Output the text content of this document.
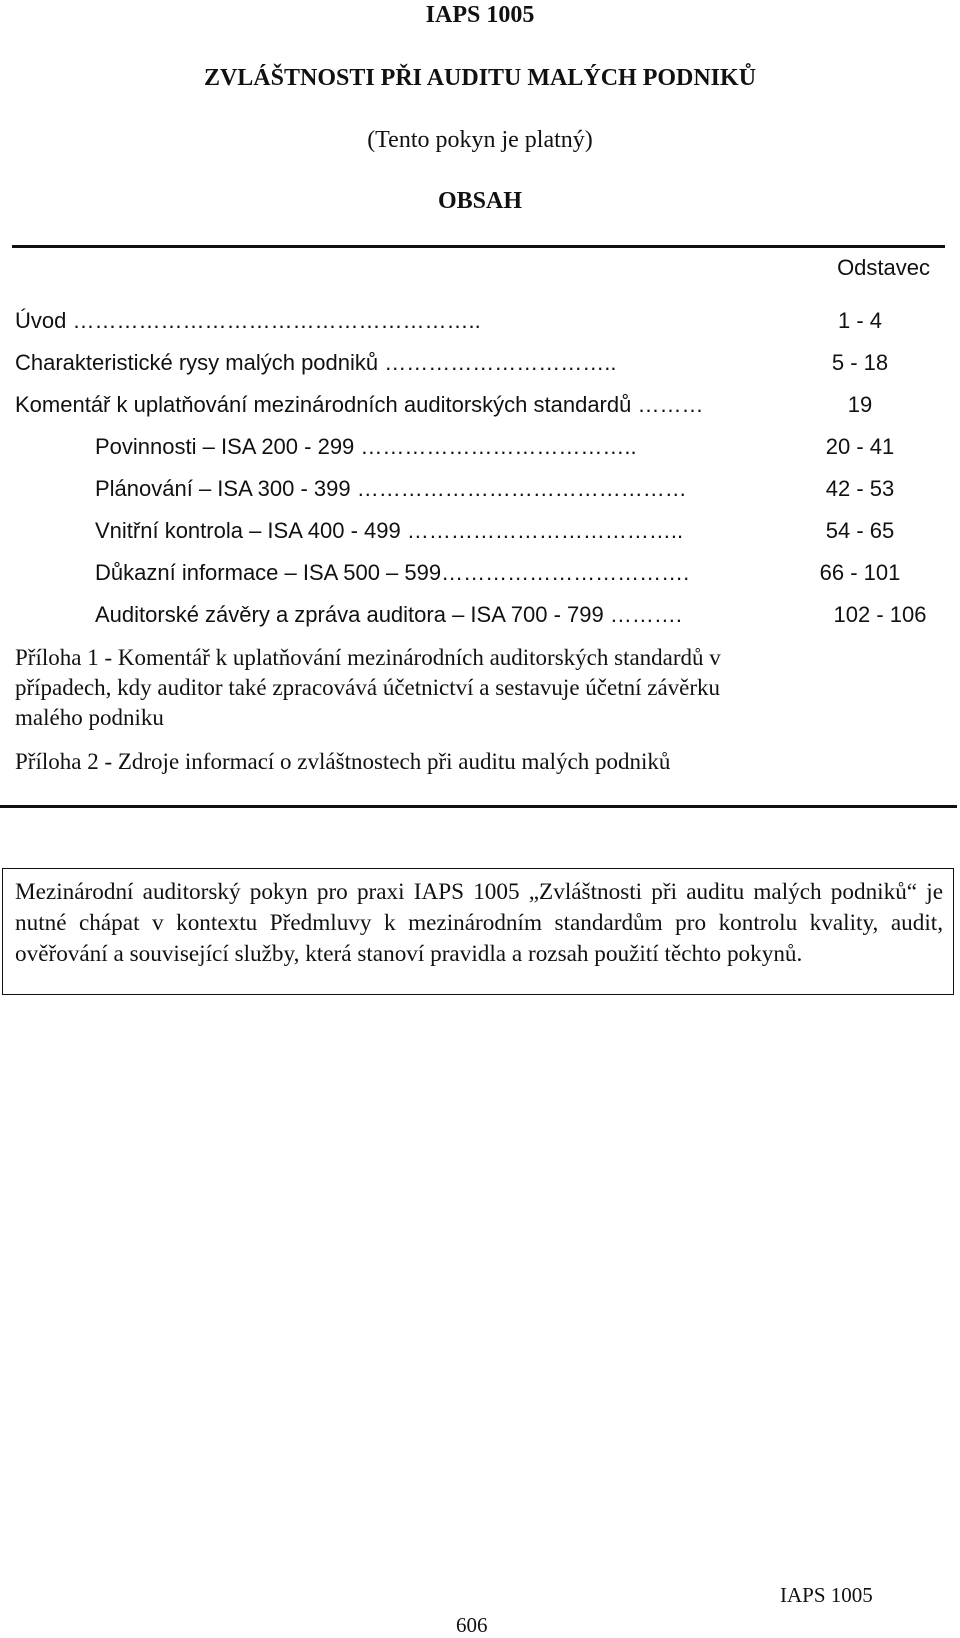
IAPS 1005
ZVLÁŠTNOSTI PŘI AUDITU MALÝCH PODNIKŮ
(Tento pokyn je platný)
OBSAH
Odstavec
Úvod ………………………………………………..	1 - 4
Charakteristické rysy malých podniků …………………………..	5 - 18
Komentář k uplatňování mezinárodních auditorských standardů ………	19
Povinnosti – ISA 200 - 299 ………………………………..	20 - 41
Plánování – ISA 300 - 399 ………………………………………	42 - 53
Vnitřní kontrola – ISA 400 - 499 ………………………………..	54 - 65
Důkazní informace – ISA 500 – 599…………………………….	66 - 101
Auditorské závěry a zpráva auditora – ISA 700 - 799 ……….	102 - 106
Příloha 1 - Komentář k uplatňování mezinárodních auditorských standardů v případech, kdy auditor také zpracovává účetnictví a sestavuje účetní závěrku malého podniku
Příloha 2 - Zdroje informací o zvláštnostech při auditu malých podniků

Mezinárodní auditorský pokyn pro praxi IAPS 1005 „Zvláštnosti při auditu malých podniků“ je nutné chápat v kontextu Předmluvy k mezinárodním standardům pro kontrolu kvality, audit, ověřování a související služby, která stanoví pravidla a rozsah použití těchto pokynů.

IAPS 1005
606
